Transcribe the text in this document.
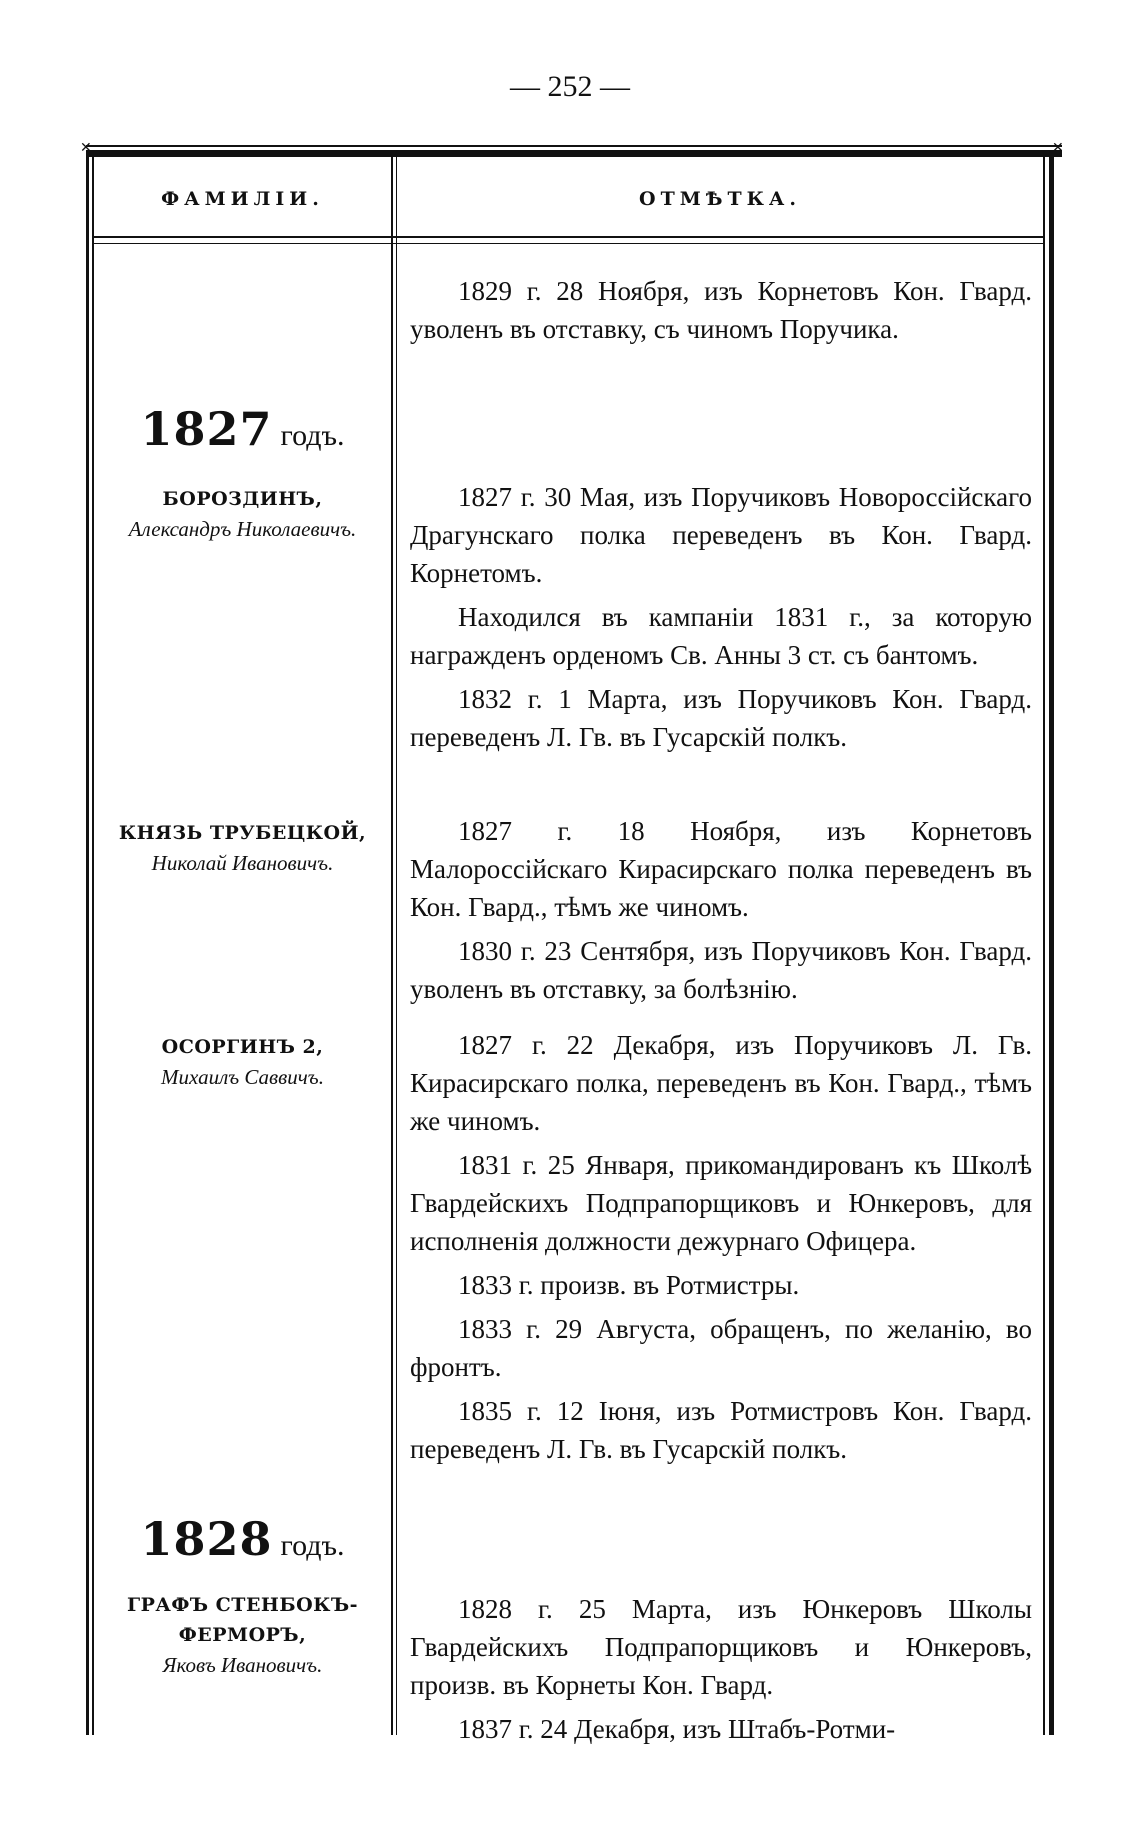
— 252 —
✕	✕
ФАМИЛІИ.	ОТМѢТКА.

1829 г. 28 Ноября, изъ Корнетовъ Кон. Гвард. уволенъ въ отставку, съ чиномъ Поручика.

1827 годъ.
БОРОЗДИНЪ,
Александръ Николаевичъ.

1827 г. 30 Мая, изъ Поручиковъ Новороссійскаго Драгунскаго полка переведенъ въ Кон. Гвард. Корнетомъ.

Находился въ кампаніи 1831 г., за которую награжденъ орденомъ Св. Анны 3 ст. съ бантомъ.

1832 г. 1 Марта, изъ Поручиковъ Кон. Гвард. переведенъ Л. Гв. въ Гусарскій полкъ.

КНЯЗЬ ТРУБЕЦКОЙ,
Николай Ивановичъ.

1827 г. 18 Ноября, изъ Корнетовъ Малороссійскаго Кирасирскаго полка переведенъ въ Кон. Гвард., тѣмъ же чиномъ.

1830 г. 23 Сентября, изъ Поручиковъ Кон. Гвард. уволенъ въ отставку, за болѣзнію.

ОСОРГИНЪ 2,
Михаилъ Саввичъ.

1827 г. 22 Декабря, изъ Поручиковъ Л. Гв. Кирасирскаго полка, переведенъ въ Кон. Гвард., тѣмъ же чиномъ.

1831 г. 25 Января, прикомандированъ къ Школѣ Гвардейскихъ Подпрапорщиковъ и Юнкеровъ, для исполненія должности дежурнаго Офицера.

1833 г. произв. въ Ротмистры.

1833 г. 29 Августа, обращенъ, по желанію, во фронтъ.

1835 г. 12 Іюня, изъ Ротмистровъ Кон. Гвард. переведенъ Л. Гв. въ Гусарскій полкъ.

1828 годъ.
ГРАФЪ СТЕНБОКЪ-ФЕРМОРЪ,
Яковъ Ивановичъ.

1828 г. 25 Марта, изъ Юнкеровъ Школы Гвардейскихъ Подпрапорщиковъ и Юнкеровъ, произв. въ Корнеты Кон. Гвард.

1837 г. 24 Декабря, изъ Штабъ-Ротми-
